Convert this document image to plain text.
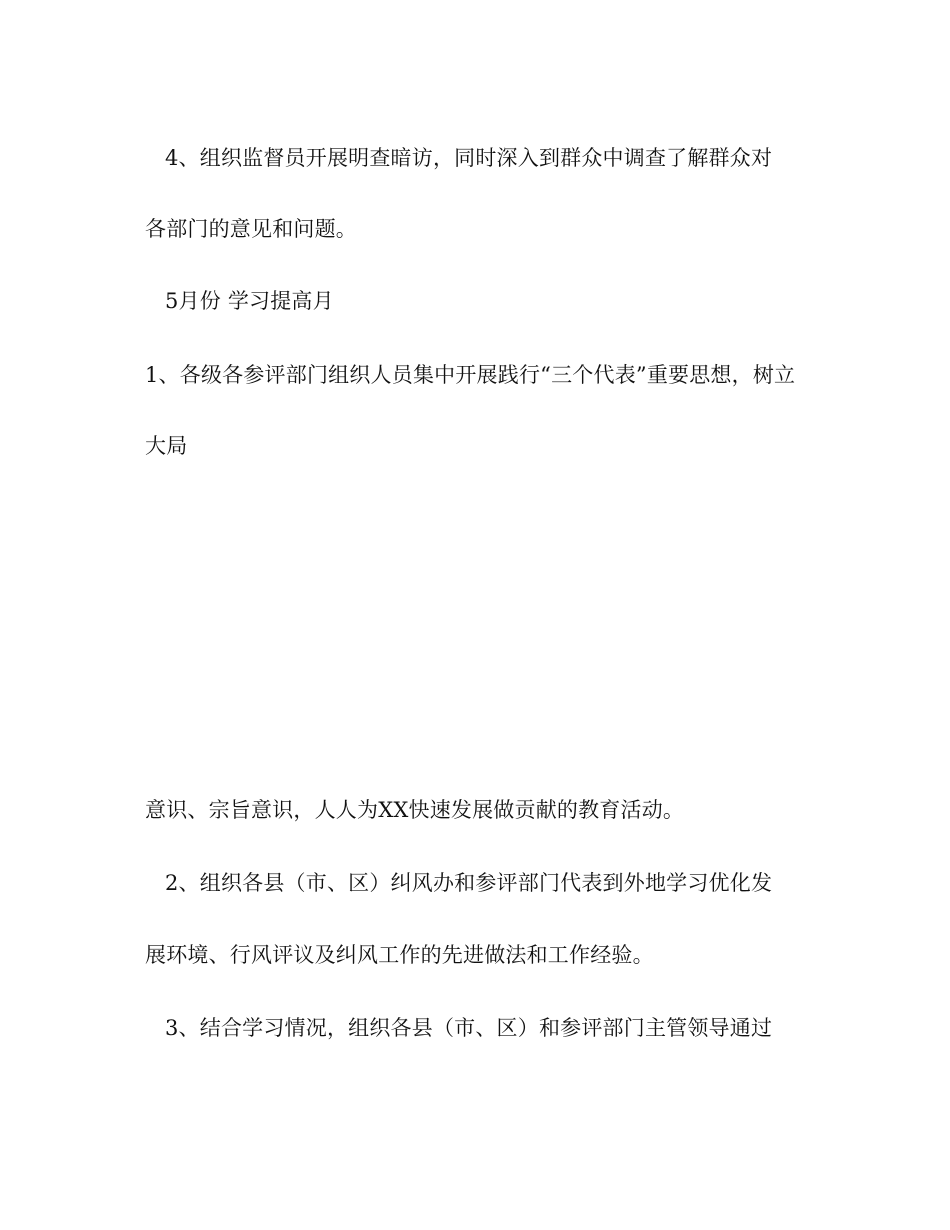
4、组织监督员开展明查暗访，同时深入到群众中调查了解群众对
各部门的意见和问题。
5月份 学习提高月
1、各级各参评部门组织人员集中开展践行“三个代表”重要思想，树立
大局
意识、宗旨意识，人人为XX快速发展做贡献的教育活动。
2、组织各县（市、区）纠风办和参评部门代表到外地学习优化发
展环境、行风评议及纠风工作的先进做法和工作经验。
3、结合学习情况，组织各县（市、区）和参评部门主管领导通过
